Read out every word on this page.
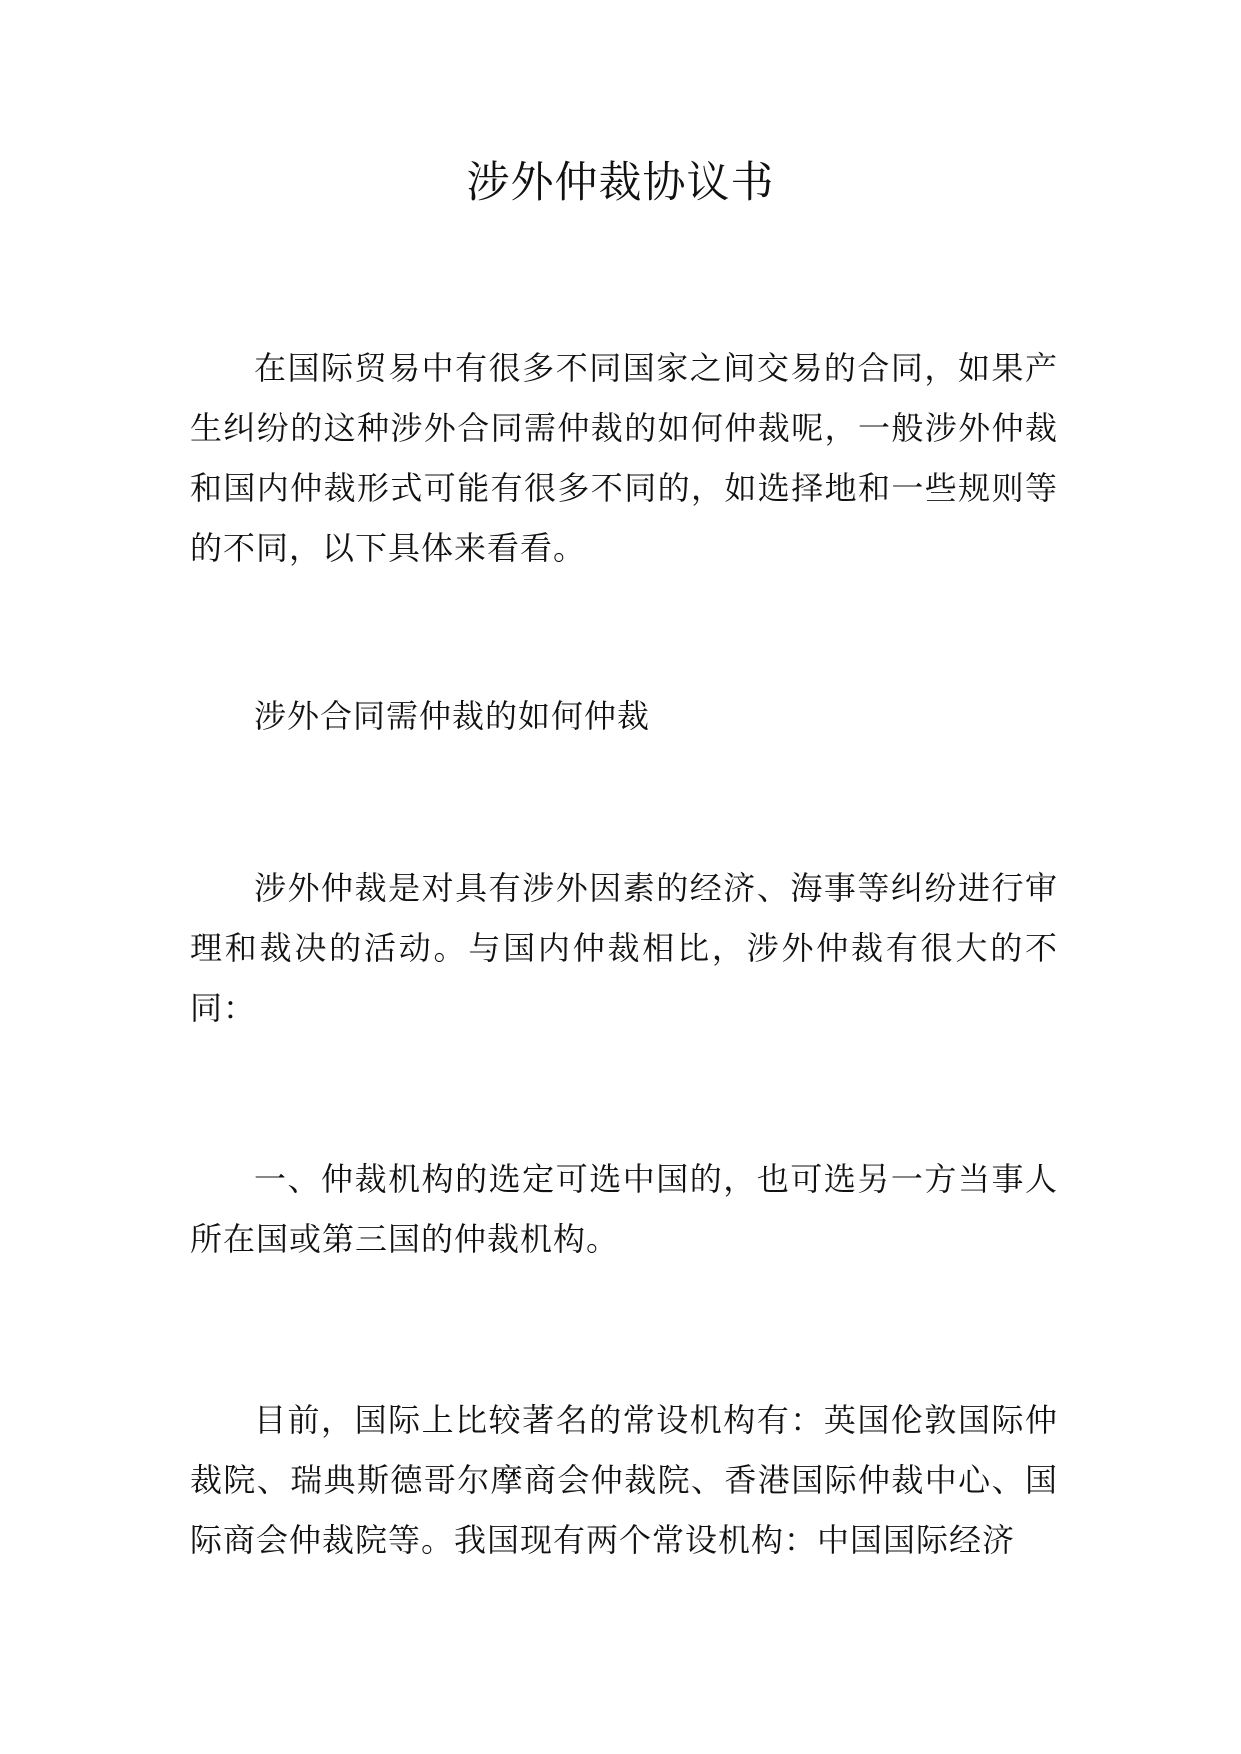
涉外仲裁协议书

在国际贸易中有很多不同国家之间交易的合同，如果产生纠纷的这种涉外合同需仲裁的如何仲裁呢，一般涉外仲裁和国内仲裁形式可能有很多不同的，如选择地和一些规则等的不同，以下具体来看看。

涉外合同需仲裁的如何仲裁

涉外仲裁是对具有涉外因素的经济、海事等纠纷进行审理和裁决的活动。与国内仲裁相比，涉外仲裁有很大的不同：

一、仲裁机构的选定可选中国的，也可选另一方当事人所在国或第三国的仲裁机构。

目前，国际上比较著名的常设机构有：英国伦敦国际仲裁院、瑞典斯德哥尔摩商会仲裁院、香港国际仲裁中心、国际商会仲裁院等。我国现有两个常设机构：中国国际经济
